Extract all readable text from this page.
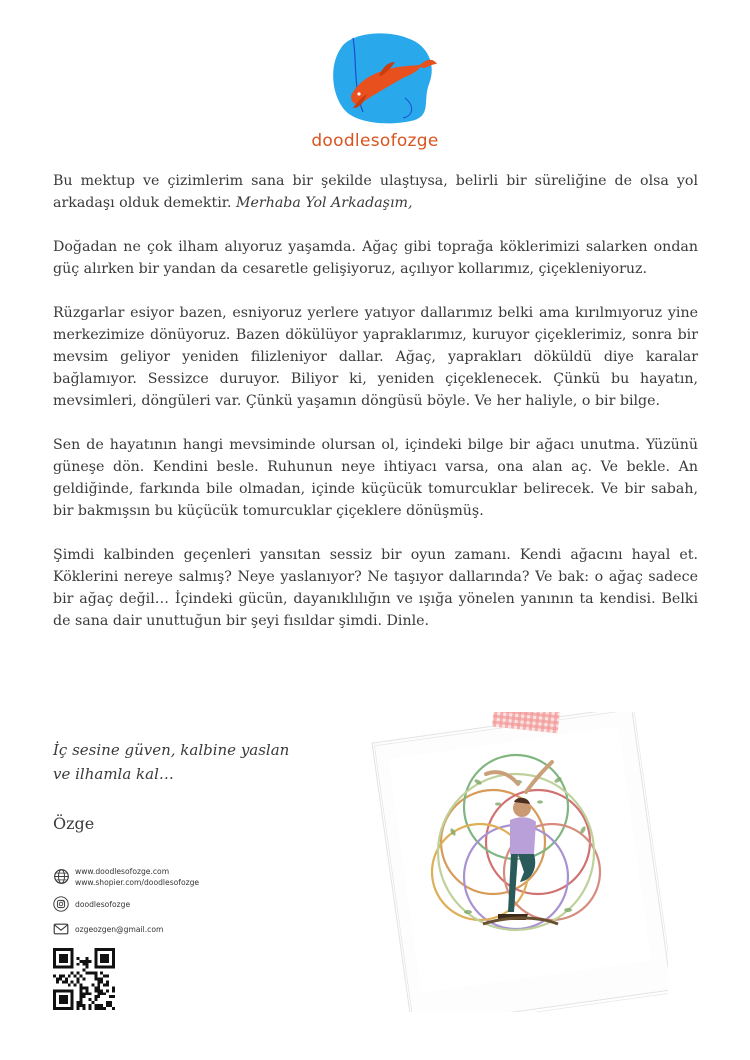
doodlesofozge

Bu mektup ve çizimlerim sana bir şekilde ulaştıysa, belirli bir süreliğine de olsa yol arkadaşı olduk demektir. Merhaba Yol Arkadaşım,

Doğadan ne çok ilham alıyoruz yaşamda. Ağaç gibi toprağa köklerimizi salarken ondan güç alırken bir yandan da cesaretle gelişiyoruz, açılıyor kollarımız, çiçekleniyoruz.

Rüzgarlar esiyor bazen, esniyoruz yerlere yatıyor dallarımız belki ama kırılmıyoruz yine merkezimize dönüyoruz. Bazen dökülüyor yapraklarımız, kuruyor çiçeklerimiz, sonra bir mevsim geliyor yeniden filizleniyor dallar. Ağaç, yaprakları döküldü diye karalar bağlamıyor. Sessizce duruyor. Biliyor ki, yeniden çiçeklenecek. Çünkü bu hayatın, mevsimleri, döngüleri var. Çünkü yaşamın döngüsü böyle. Ve her haliyle, o bir bilge.

Sen de hayatının hangi mevsiminde olursan ol, içindeki bilge bir ağacı unutma. Yüzünü güneşe dön. Kendini besle. Ruhunun neye ihtiyacı varsa, ona alan aç. Ve bekle. An geldiğinde, farkında bile olmadan, içinde küçücük tomurcuklar belirecek. Ve bir sabah, bir bakmışsın bu küçücük tomurcuklar çiçeklere dönüşmüş.

Şimdi kalbinden geçenleri yansıtan sessiz bir oyun zamanı. Kendi ağacını hayal et. Köklerini nereye salmış? Neye yaslanıyor? Ne taşıyor dallarında? Ve bak: o ağaç sadece bir ağaç değil… İçindeki gücün, dayanıklılığın ve ışığa yönelen yanının ta kendisi. Belki de sana dair unuttuğun bir şeyi fısıldar şimdi. Dinle.

İç sesine güven, kalbine yaslan
ve ilhamla kal…
Özge
www.doodlesofozge.com
www.shopier.com/doodlesofozge
doodlesofozge
ozgeozgen@gmail.com
